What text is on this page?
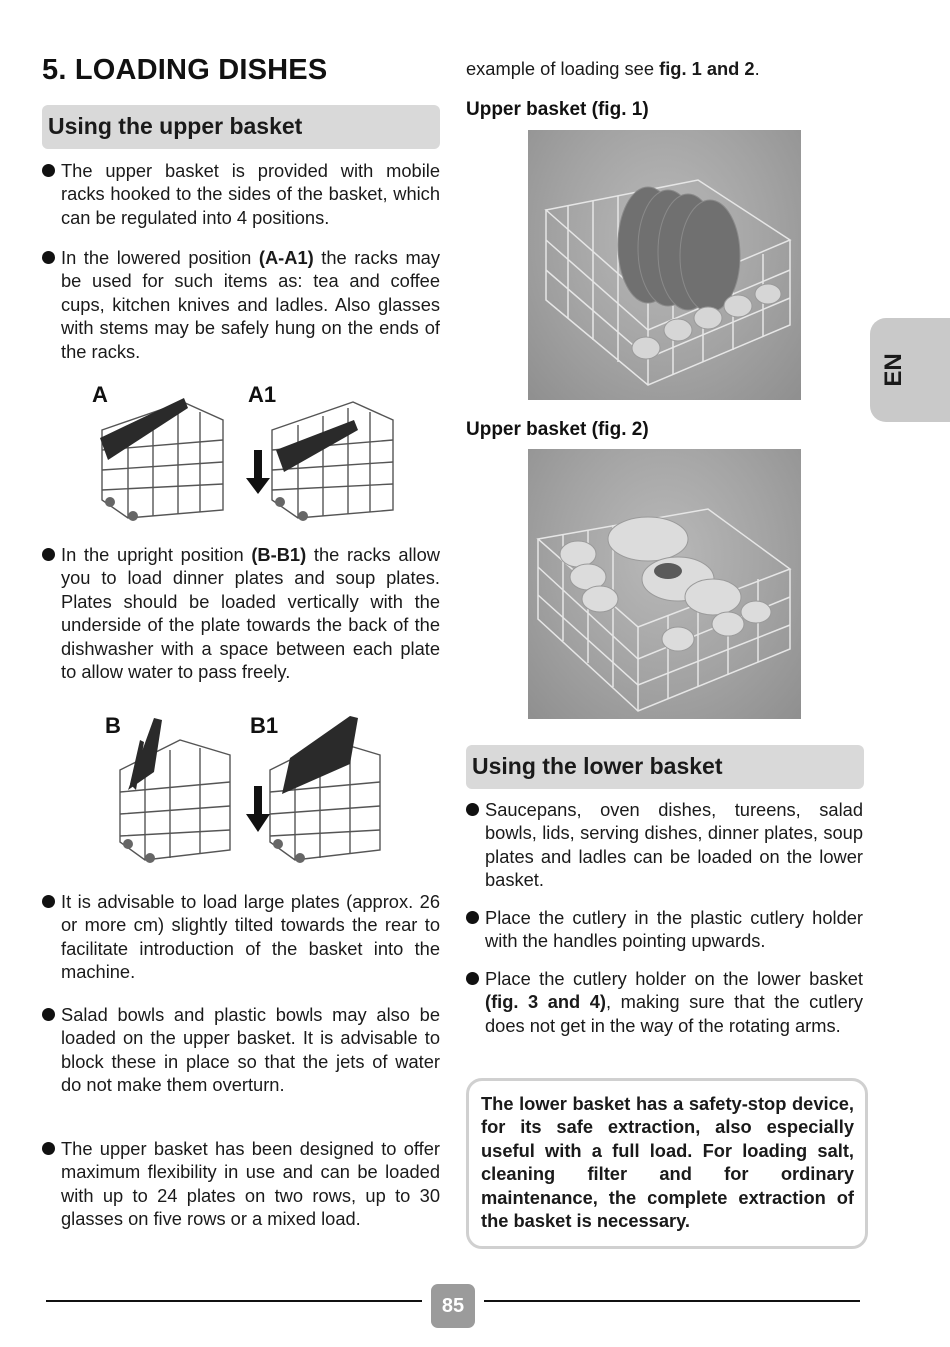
5. LOADING DISHES
Using the upper basket
The upper basket is provided with mobile racks hooked to the sides of the basket, which can be regulated into 4 positions.
In the lowered position (A-A1) the racks may be used for such items as: tea and coffee cups, kitchen knives and ladles. Also glasses with stems may be safely hung on the ends of the racks.
A	A1
In the upright position (B-B1) the racks allow you to load dinner plates and soup plates. Plates should be loaded vertically with the underside of the plate towards the back of the dishwasher with a space between each plate to allow water to pass freely.
B	B1
It is advisable to load large plates (approx. 26 or more cm) slightly tilted towards the rear to facilitate introduction of the basket into the machine.
Salad bowls and plastic bowls may also be loaded on the upper basket. It is advisable to block these in place so that the jets of water do not make them overturn.
The upper basket has been designed to offer maximum flexibility in use and can be loaded with up to 24 plates on two rows, up to 30 glasses on five rows or a mixed load.
example of loading see fig. 1 and 2.
Upper basket (fig. 1)
Upper basket (fig. 2)
Using the lower basket
Saucepans, oven dishes, tureens, salad bowls, lids, serving dishes, dinner plates, soup plates and ladles can be loaded on the lower basket.
Place the cutlery in the plastic cutlery holder with the handles pointing upwards.
Place the cutlery holder on the lower basket (fig. 3 and 4), making sure that the cutlery does not get in the way of the rotating arms.
The lower basket has a safety-stop device, for its safe extraction, also especially useful with a full load. For loading salt, cleaning filter and for ordinary maintenance, the complete extraction of the basket is necessary.
EN
85
